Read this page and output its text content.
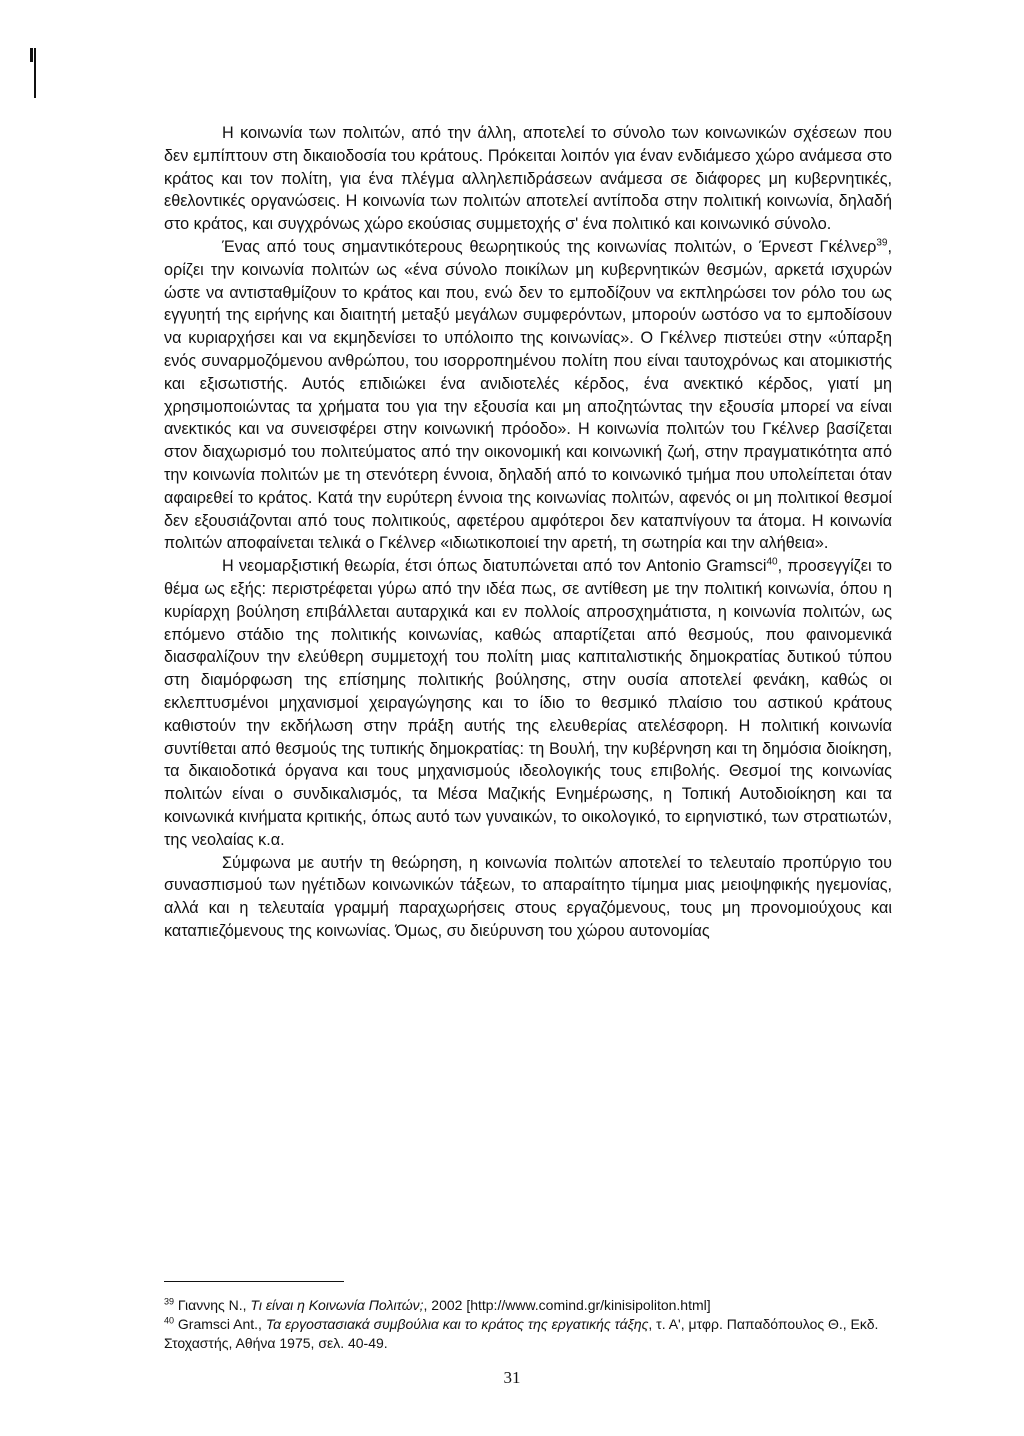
Η κοινωνία των πολιτών, από την άλλη, αποτελεί το σύνολο των κοινωνικών σχέσεων που δεν εμπίπτουν στη δικαιοδοσία του κράτους. Πρόκειται λοιπόν για έναν ενδιάμεσο χώρο ανάμεσα στο κράτος και τον πολίτη, για ένα πλέγμα αλληλεπιδράσεων ανάμεσα σε διάφορες μη κυβερνητικές, εθελοντικές οργανώσεις. Η κοινωνία των πολιτών αποτελεί αντίποδα στην πολιτική κοινωνία, δηλαδή στο κράτος, και συγχρόνως χώρο εκούσιας συμμετοχής σ' ένα πολιτικό και κοινωνικό σύνολο.

Ένας από τους σημαντικότερους θεωρητικούς της κοινωνίας πολιτών, ο Έρνεστ Γκέλνερ$^{39}$, ορίζει την κοινωνία πολιτών ως «ένα σύνολο ποικίλων μη κυβερνητικών θεσμών, αρκετά ισχυρών ώστε να αντισταθμίζουν το κράτος και που, ενώ δεν το εμποδίζουν να εκπληρώσει τον ρόλο του ως εγγυητή της ειρήνης και διαιτητή μεταξύ μεγάλων συμφερόντων, μπορούν ωστόσο να το εμποδίσουν να κυριαρχήσει και να εκμηδενίσει το υπόλοιπο της κοινωνίας». Ο Γκέλνερ πιστεύει στην «ύπαρξη ενός συναρμοζόμενου ανθρώπου, του ισορροπημένου πολίτη που είναι ταυτοχρόνως και ατομικιστής και εξισωτιστής. Αυτός επιδιώκει ένα ανιδιοτελές κέρδος, ένα ανεκτικό κέρδος, γιατί μη χρησιμοποιώντας τα χρήματα του για την εξουσία και μη αποζητώντας την εξουσία μπορεί να είναι ανεκτικός και να συνεισφέρει στην κοινωνική πρόοδο». Η κοινωνία πολιτών του Γκέλνερ βασίζεται στον διαχωρισμό του πολιτεύματος από την οικονομική και κοινωνική ζωή, στην πραγματικότητα από την κοινωνία πολιτών με τη στενότερη έννοια, δηλαδή από το κοινωνικό τμήμα που υπολείπεται όταν αφαιρεθεί το κράτος. Κατά την ευρύτερη έννοια της κοινωνίας πολιτών, αφενός οι μη πολιτικοί θεσμοί δεν εξουσιάζονται από τους πολιτικούς, αφετέρου αμφότεροι δεν καταπνίγουν τα άτομα. Η κοινωνία πολιτών αποφαίνεται τελικά ο Γκέλνερ «ιδιωτικοποιεί την αρετή, τη σωτηρία και την αλήθεια».

Η νεομαρξιστική θεωρία, έτσι όπως διατυπώνεται από τον Antonio Gramsci$^{40}$, προσεγγίζει το θέμα ως εξής: περιστρέφεται γύρω από την ιδέα πως, σε αντίθεση με την πολιτική κοινωνία, όπου η κυρίαρχη βούληση επιβάλλεται αυταρχικά και εν πολλοίς απροσχημάτιστα, η κοινωνία πολιτών, ως επόμενο στάδιο της πολιτικής κοινωνίας, καθώς απαρτίζεται από θεσμούς, που φαινομενικά διασφαλίζουν την ελεύθερη συμμετοχή του πολίτη μιας καπιταλιστικής δημοκρατίας δυτικού τύπου στη διαμόρφωση της επίσημης πολιτικής βούλησης, στην ουσία αποτελεί φενάκη, καθώς οι εκλεπτυσμένοι μηχανισμοί χειραγώγησης και το ίδιο το θεσμικό πλαίσιο του αστικού κράτους καθιστούν την εκδήλωση στην πράξη αυτής της ελευθερίας ατελέσφορη. Η πολιτική κοινωνία συντίθεται από θεσμούς της τυπικής δημοκρατίας: τη Βουλή, την κυβέρνηση και τη δημόσια διοίκηση, τα δικαιοδοτικά όργανα και τους μηχανισμούς ιδεολογικής τους επιβολής. Θεσμοί της κοινωνίας πολιτών είναι ο συνδικαλισμός, τα Μέσα Μαζικής Ενημέρωσης, η Τοπική Αυτοδιοίκηση και τα κοινωνικά κινήματα κριτικής, όπως αυτό των γυναικών, το οικολογικό, το ειρηνιστικό, των στρατιωτών, της νεολαίας κ.α.

Σύμφωνα με αυτήν τη θεώρηση, η κοινωνία πολιτών αποτελεί το τελευταίο προπύργιο του συνασπισμού των ηγέτιδων κοινωνικών τάξεων, το απαραίτητο τίμημα μιας μειοψηφικής ηγεμονίας, αλλά και η τελευταία γραμμή παραχωρήσεις στους εργαζόμενους, τους μη προνομιούχους και καταπιεζόμενους της κοινωνίας. Όμως, συ διεύρυνση του χώρου αυτονομίας

$^{39}$ Γιαννης Ν., Τι είναι η Κοινωνία Πολιτών;, 2002 [http://www.comind.gr/kinisipoliton.html]

$^{40}$ Gramsci Ant., Τα εργοστασιακά συμβούλια και το κράτος της εργατικής τάξης, τ. Α', μτφρ. Παπαδόπουλος Θ., Εκδ. Στοχαστής, Αθήνα 1975, σελ. 40-49.

31
